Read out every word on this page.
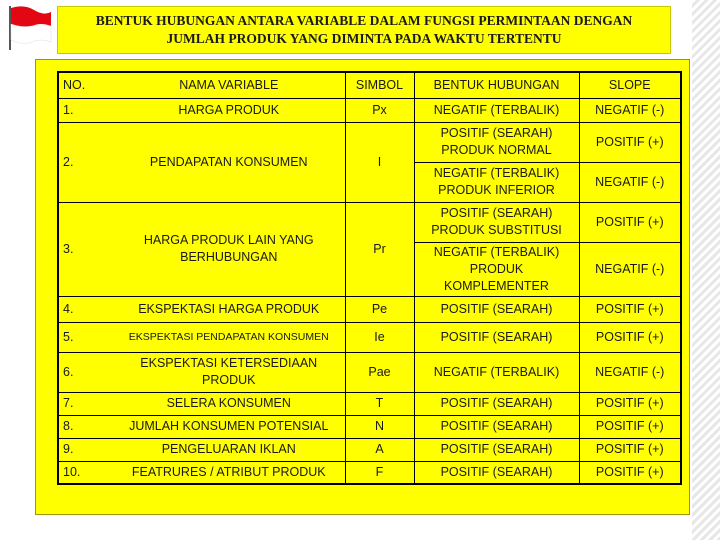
BENTUK HUBUNGAN ANTARA VARIABLE DALAM FUNGSI PERMINTAAN DENGAN
JUMLAH PRODUK YANG DIMINTA PADA WAKTU TERTENTU
NO.	NAMA VARIABLE	SIMBOL	BENTUK HUBUNGAN	SLOPE
1.	HARGA PRODUK	Px	NEGATIF (TERBALIK)	NEGATIF (-)
2.	PENDAPATAN KONSUMEN	I	POSITIF (SEARAH) PRODUK NORMAL	POSITIF (+)
			NEGATIF (TERBALIK) PRODUK INFERIOR	NEGATIF (-)
3.	HARGA PRODUK LAIN YANG BERHUBUNGAN	Pr	POSITIF (SEARAH) PRODUK SUBSTITUSI	POSITIF (+)
			NEGATIF (TERBALIK) PRODUK KOMPLEMENTER	NEGATIF (-)
4.	EKSPEKTASI HARGA PRODUK	Pe	POSITIF (SEARAH)	POSITIF (+)
5.	EKSPEKTASI PENDAPATAN KONSUMEN	Ie	POSITIF (SEARAH)	POSITIF (+)
6.	EKSPEKTASI KETERSEDIAAN PRODUK	Pae	NEGATIF (TERBALIK)	NEGATIF (-)
7.	SELERA KONSUMEN	T	POSITIF (SEARAH)	POSITIF (+)
8.	JUMLAH KONSUMEN POTENSIAL	N	POSITIF (SEARAH)	POSITIF (+)
9.	PENGELUARAN IKLAN	A	POSITIF (SEARAH)	POSITIF (+)
10.	FEATRURES / ATRIBUT PRODUK	F	POSITIF (SEARAH)	POSITIF (+)
